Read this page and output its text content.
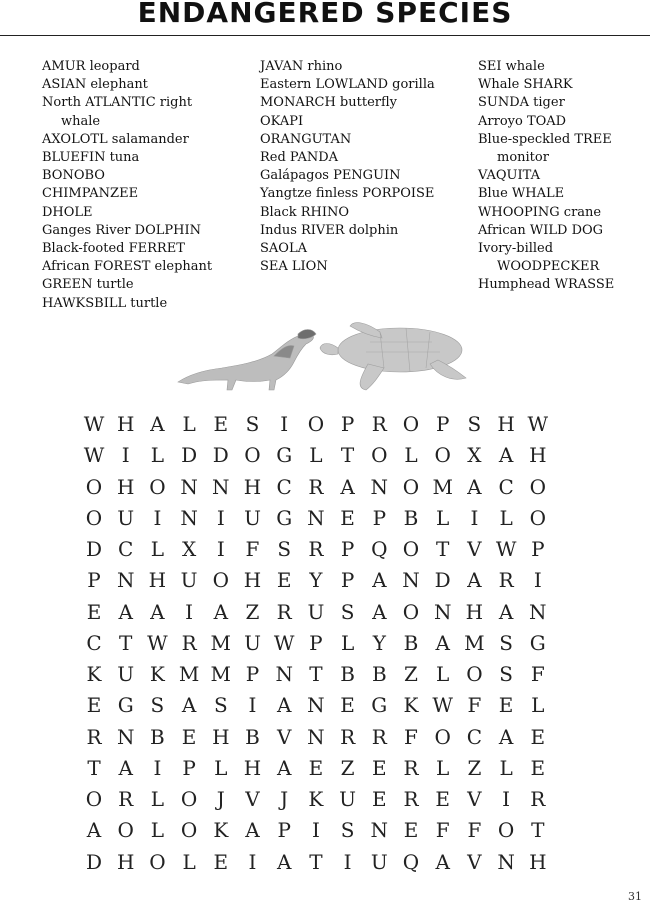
ENDANGERED SPECIES
AMUR leopard
ASIAN elephant
North ATLANTIC right
whale
AXOLOTL salamander
BLUEFIN tuna
BONOBO
CHIMPANZEE
DHOLE
Ganges River DOLPHIN
Black-footed FERRET
African FOREST elephant
GREEN turtle
HAWKSBILL turtle
JAVAN rhino
Eastern LOWLAND gorilla
MONARCH butterfly
OKAPI
ORANGUTAN
Red PANDA
Galápagos PENGUIN
Yangtze finless PORPOISE
Black RHINO
Indus RIVER dolphin
SAOLA
SEA LION
SEI whale
Whale SHARK
SUNDA tiger
Arroyo TOAD
Blue-speckled TREE
monitor
VAQUITA
Blue WHALE
WHOOPING crane
African WILD DOG
Ivory-billed
WOODPECKER
Humphead WRASSE
W H A L E S	I O P R O P S H W
W I	L D D O G L T O L O X A H
O H O N N H C R A N O M A C O
O U I N I U G N E P B L	I	L O
D C L X	I	F S R P Q O T V W P
P N H U O H E Y P A N D A R	I
E A A	I	A Z R U S A O N H A N
C T W R M U W P L Y B A M S G
K U K M M P N T B B Z L O S F
E G S A S	I	A N E G K W F E L
R N B E H B V N R R F O C A E
T A	I	P L H A E Z E R L Z L E
O R L O J	V	J	K U E R E V	I	R
A O L O K A P	I	S N E F F O T
D H O L E	I	A T	I U Q A V N H
31
